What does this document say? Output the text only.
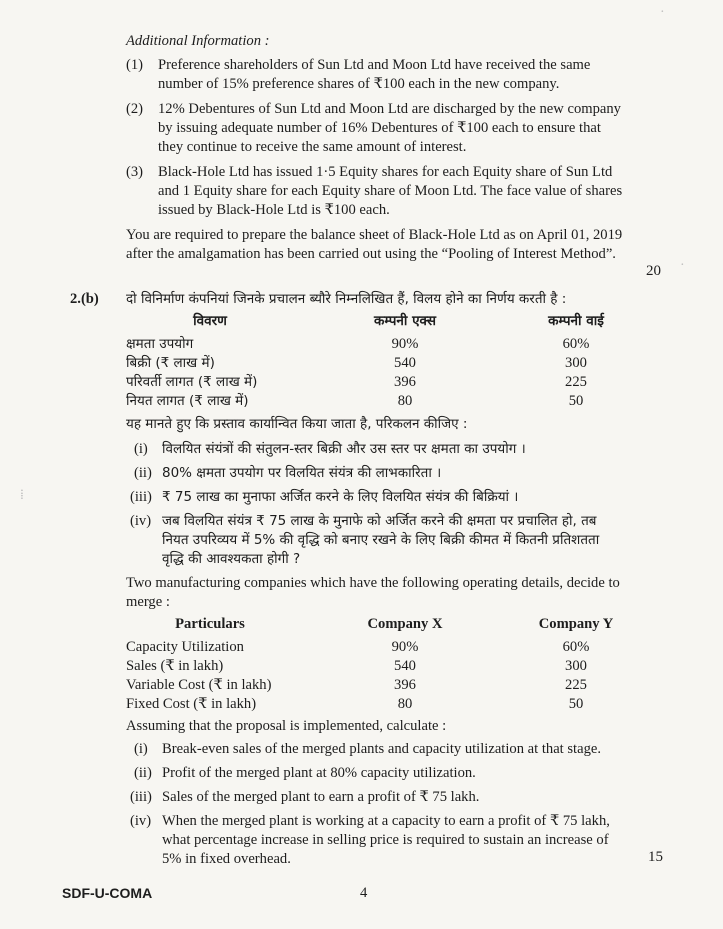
Additional Information :
(1) Preference shareholders of Sun Ltd and Moon Ltd have received the same
number of 15% preference shares of ₹100 each in the new company.
(2) 12% Debentures of Sun Ltd and Moon Ltd are discharged by the new company
by issuing adequate number of 16% Debentures of ₹100 each to ensure that
they continue to receive the same amount of interest.
(3) Black-Hole Ltd has issued 1·5 Equity shares for each Equity share of Sun Ltd
and 1 Equity share for each Equity share of Moon Ltd. The face value of shares
issued by Black-Hole Ltd is ₹100 each.
You are required to prepare the balance sheet of Black-Hole Ltd as on April 01, 2019
after the amalgamation has been carried out using the “Pooling of Interest Method”.
20
2.(b) दो विनिर्माण कंपनियां जिनके प्रचालन ब्यौरे निम्नलिखित हैं, विलय होने का निर्णय करती है :
विवरण	कम्पनी एक्स	कम्पनी वाई
क्षमता उपयोग	90%	60%
बिक्री (₹ लाख में)	540	300
परिवर्ती लागत (₹ लाख में)	396	225
नियत लागत (₹ लाख में)	80	50
यह मानते हुए कि प्रस्ताव कार्यान्वित किया जाता है, परिकलन कीजिए :
(i) विलयित संयंत्रों की संतुलन-स्तर बिक्री और उस स्तर पर क्षमता का उपयोग ।
(ii) 80% क्षमता उपयोग पर विलयित संयंत्र की लाभकारिता ।
(iii) ₹ 75 लाख का मुनाफा अर्जित करने के लिए विलयित संयंत्र की बिक्रियां ।
(iv) जब विलयित संयंत्र ₹ 75 लाख के मुनाफे को अर्जित करने की क्षमता पर प्रचालित हो, तब
नियत उपरिव्यय में 5% की वृद्धि को बनाए रखने के लिए बिक्री कीमत में कितनी प्रतिशतता
वृद्धि की आवश्यकता होगी ?
Two manufacturing companies which have the following operating details, decide to
merge :
Particulars	Company X	Company Y
Capacity Utilization	90%	60%
Sales (₹ in lakh)	540	300
Variable Cost (₹ in lakh)	396	225
Fixed Cost (₹ in lakh)	80	50
Assuming that the proposal is implemented, calculate :
(i) Break-even sales of the merged plants and capacity utilization at that stage.
(ii) Profit of the merged plant at 80% capacity utilization.
(iii) Sales of the merged plant to earn a profit of ₹ 75 lakh.
(iv) When the merged plant is working at a capacity to earn a profit of ₹ 75 lakh,
what percentage increase in selling price is required to sustain an increase of
5% in fixed overhead.	15
SDF-U-COMA	4
⁞
·
·
